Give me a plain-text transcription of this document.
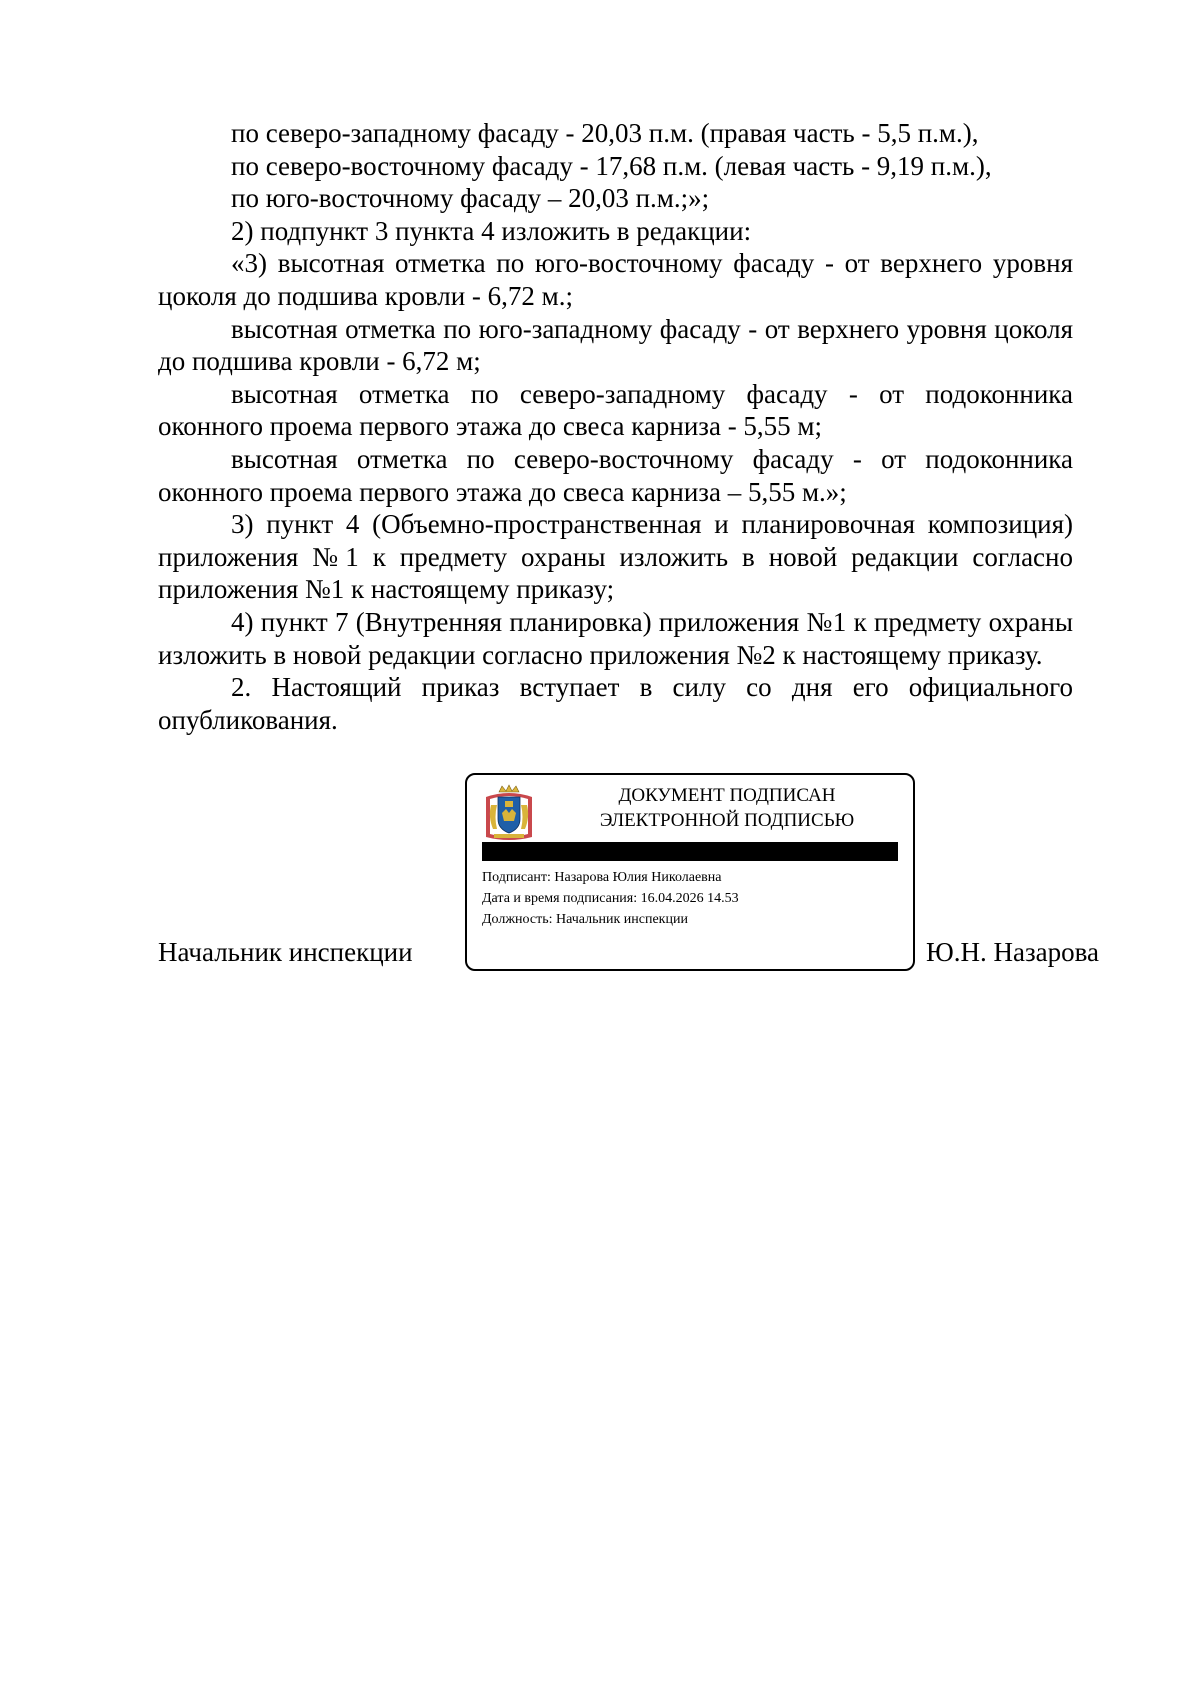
по северо-западному фасаду - 20,03 п.м. (правая часть - 5,5 п.м.),

по северо-восточному фасаду - 17,68 п.м. (левая часть - 9,19 п.м.),

по юго-восточному фасаду – 20,03 п.м.;»;

2) подпункт 3 пункта 4 изложить в редакции:

«3) высотная отметка по юго-восточному фасаду - от верхнего уровня цоколя до подшива кровли - 6,72 м.;

высотная отметка по юго-западному фасаду - от верхнего уровня цоколя до подшива кровли - 6,72 м;

высотная отметка по северо-западному фасаду - от подоконника оконного проема первого этажа до свеса карниза - 5,55 м;

высотная отметка по северо-восточному фасаду - от подоконника оконного проема первого этажа до свеса карниза – 5,55 м.»;

3) пункт 4 (Объемно-пространственная и планировочная композиция) приложения №1 к предмету охраны изложить в новой редакции согласно приложения №1 к настоящему приказу;

4) пункт 7 (Внутренняя планировка) приложения №1 к предмету охраны изложить в новой редакции согласно приложения №2 к настоящему приказу.

2. Настоящий приказ вступает в силу со дня его официального опубликования.

Начальник инспекции
ДОКУМЕНТ ПОДПИСАН
ЭЛЕКТРОННОЙ ПОДПИСЬЮ
Подписант: Назарова Юлия Николаевна
Дата и время подписания: 16.04.2026 14.53
Должность: Начальник инспекции
Ю.Н. Назарова
